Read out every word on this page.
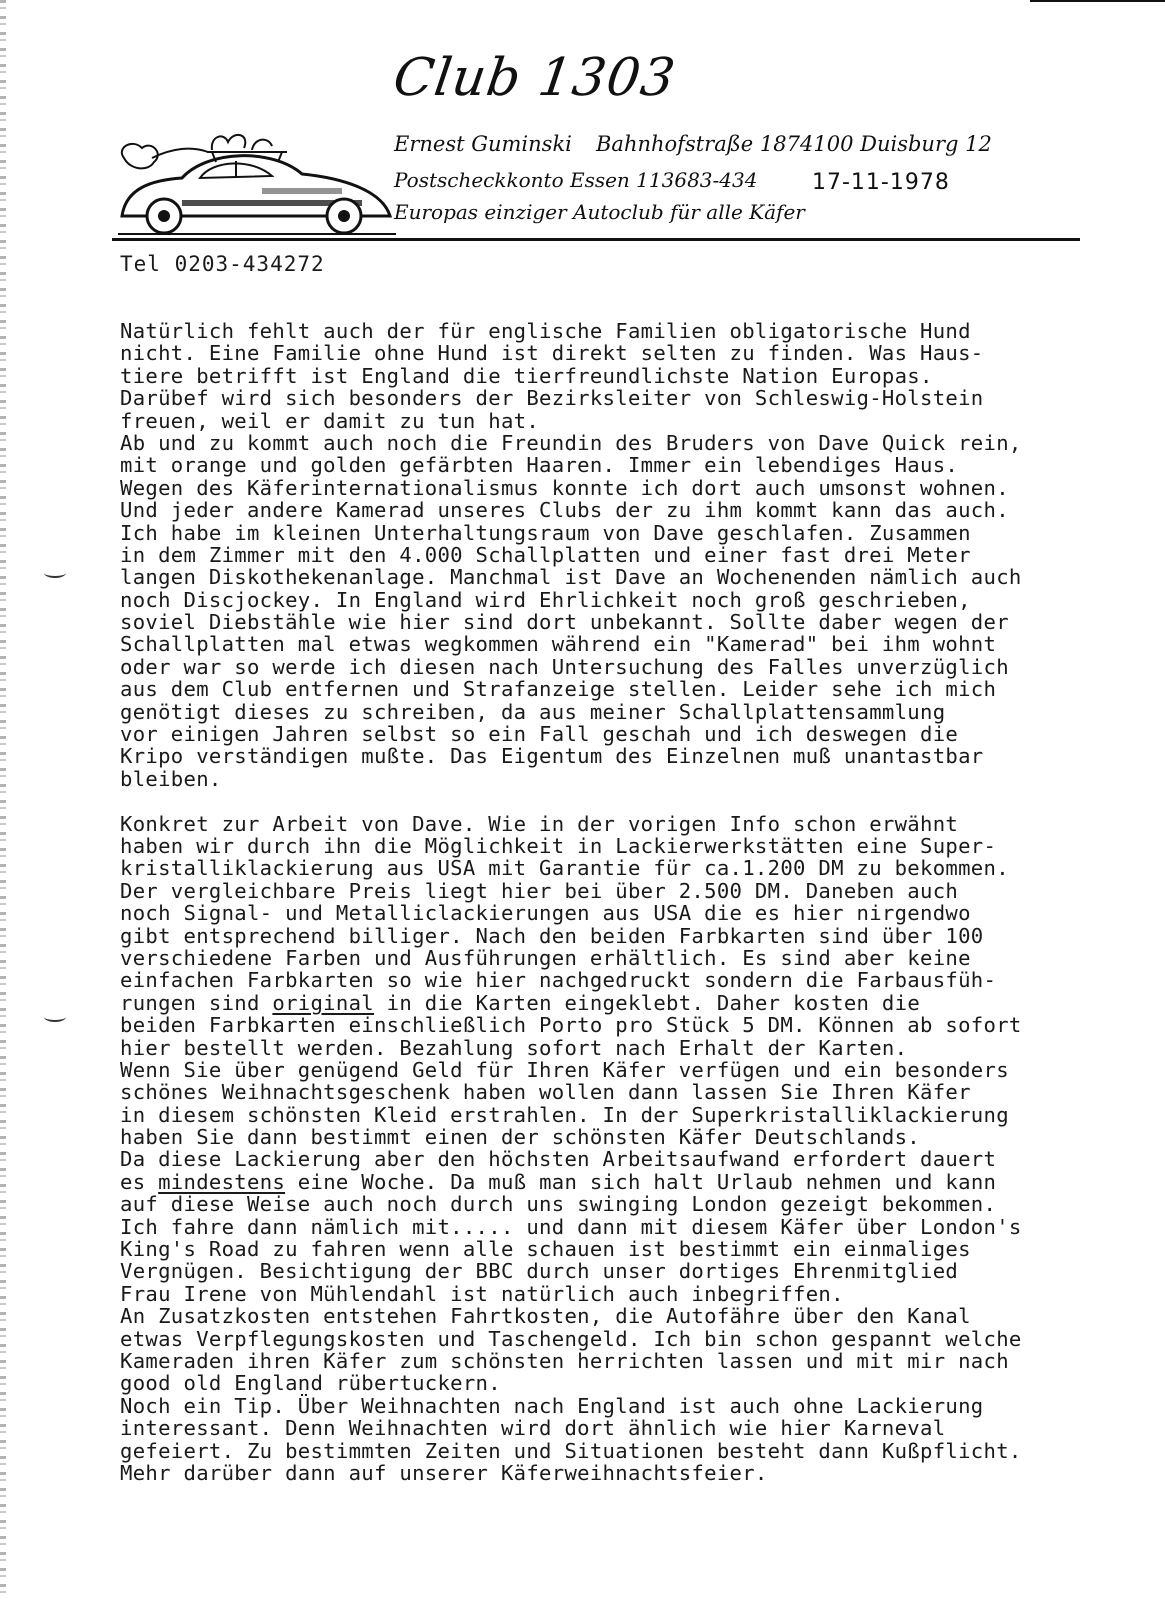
Club 1303
Ernest Guminski Bahnhofstraße 187 4100 Duisburg 12
Postscheckkonto Essen 113683-434 17-11-1978
Europas einziger Autoclub für alle Käfer
Tel 0203-434272
Natürlich fehlt auch der für englische Familien obligatorische Hund
nicht. Eine Familie ohne Hund ist direkt selten zu finden. Was Haus-
tiere betrifft ist England die tierfreundlichste Nation Europas.
Darübef wird sich besonders der Bezirksleiter von Schleswig-Holstein
freuen, weil er damit zu tun hat.
Ab und zu kommt auch noch die Freundin des Bruders von Dave Quick rein,
mit orange und golden gefärbten Haaren. Immer ein lebendiges Haus.
Wegen des Käferinternationalismus konnte ich dort auch umsonst wohnen.
Und jeder andere Kamerad unseres Clubs der zu ihm kommt kann das auch.
Ich habe im kleinen Unterhaltungsraum von Dave geschlafen. Zusammen
in dem Zimmer mit den 4.000 Schallplatten und einer fast drei Meter
langen Diskothekenanlage. Manchmal ist Dave an Wochenenden nämlich auch
noch Discjockey. In England wird Ehrlichkeit noch groß geschrieben,
soviel Diebstähle wie hier sind dort unbekannt. Sollte daber wegen der
Schallplatten mal etwas wegkommen während ein "Kamerad" bei ihm wohnt
oder war so werde ich diesen nach Untersuchung des Falles unverzüglich
aus dem Club entfernen und Strafanzeige stellen. Leider sehe ich mich
genötigt dieses zu schreiben, da aus meiner Schallplattensammlung
vor einigen Jahren selbst so ein Fall geschah und ich deswegen die
Kripo verständigen mußte. Das Eigentum des Einzelnen muß unantastbar
bleiben.
Konkret zur Arbeit von Dave. Wie in der vorigen Info schon erwähnt
haben wir durch ihn die Möglichkeit in Lackierwerkstätten eine Super-
kristalliklackierung aus USA mit Garantie für ca.1.200 DM zu bekommen.
Der vergleichbare Preis liegt hier bei über 2.500 DM. Daneben auch
noch Signal- und Metalliclackierungen aus USA die es hier nirgendwo
gibt entsprechend billiger. Nach den beiden Farbkarten sind über 100
verschiedene Farben und Ausführungen erhältlich. Es sind aber keine
einfachen Farbkarten so wie hier nachgedruckt sondern die Farbausfüh-
rungen sind original in die Karten eingeklebt. Daher kosten die
beiden Farbkarten einschließlich Porto pro Stück 5 DM. Können ab sofort
hier bestellt werden. Bezahlung sofort nach Erhalt der Karten.
Wenn Sie über genügend Geld für Ihren Käfer verfügen und ein besonders
schönes Weihnachtsgeschenk haben wollen dann lassen Sie Ihren Käfer
in diesem schönsten Kleid erstrahlen. In der Superkristalliklackierung
haben Sie dann bestimmt einen der schönsten Käfer Deutschlands.
Da diese Lackierung aber den höchsten Arbeitsaufwand erfordert dauert
es mindestens eine Woche. Da muß man sich halt Urlaub nehmen und kann
auf diese Weise auch noch durch uns swinging London gezeigt bekommen.
Ich fahre dann nämlich mit..... und dann mit diesem Käfer über London's
King's Road zu fahren wenn alle schauen ist bestimmt ein einmaliges
Vergnügen. Besichtigung der BBC durch unser dortiges Ehrenmitglied
Frau Irene von Mühlendahl ist natürlich auch inbegriffen.
An Zusatzkosten entstehen Fahrtkosten, die Autofähre über den Kanal
etwas Verpflegungskosten und Taschengeld. Ich bin schon gespannt welche
Kameraden ihren Käfer zum schönsten herrichten lassen und mit mir nach
good old England rübertuckern.
Noch ein Tip. Über Weihnachten nach England ist auch ohne Lackierung
interessant. Denn Weihnachten wird dort ähnlich wie hier Karneval
gefeiert. Zu bestimmten Zeiten und Situationen besteht dann Kußpflicht.
Mehr darüber dann auf unserer Käferweihnachtsfeier.
